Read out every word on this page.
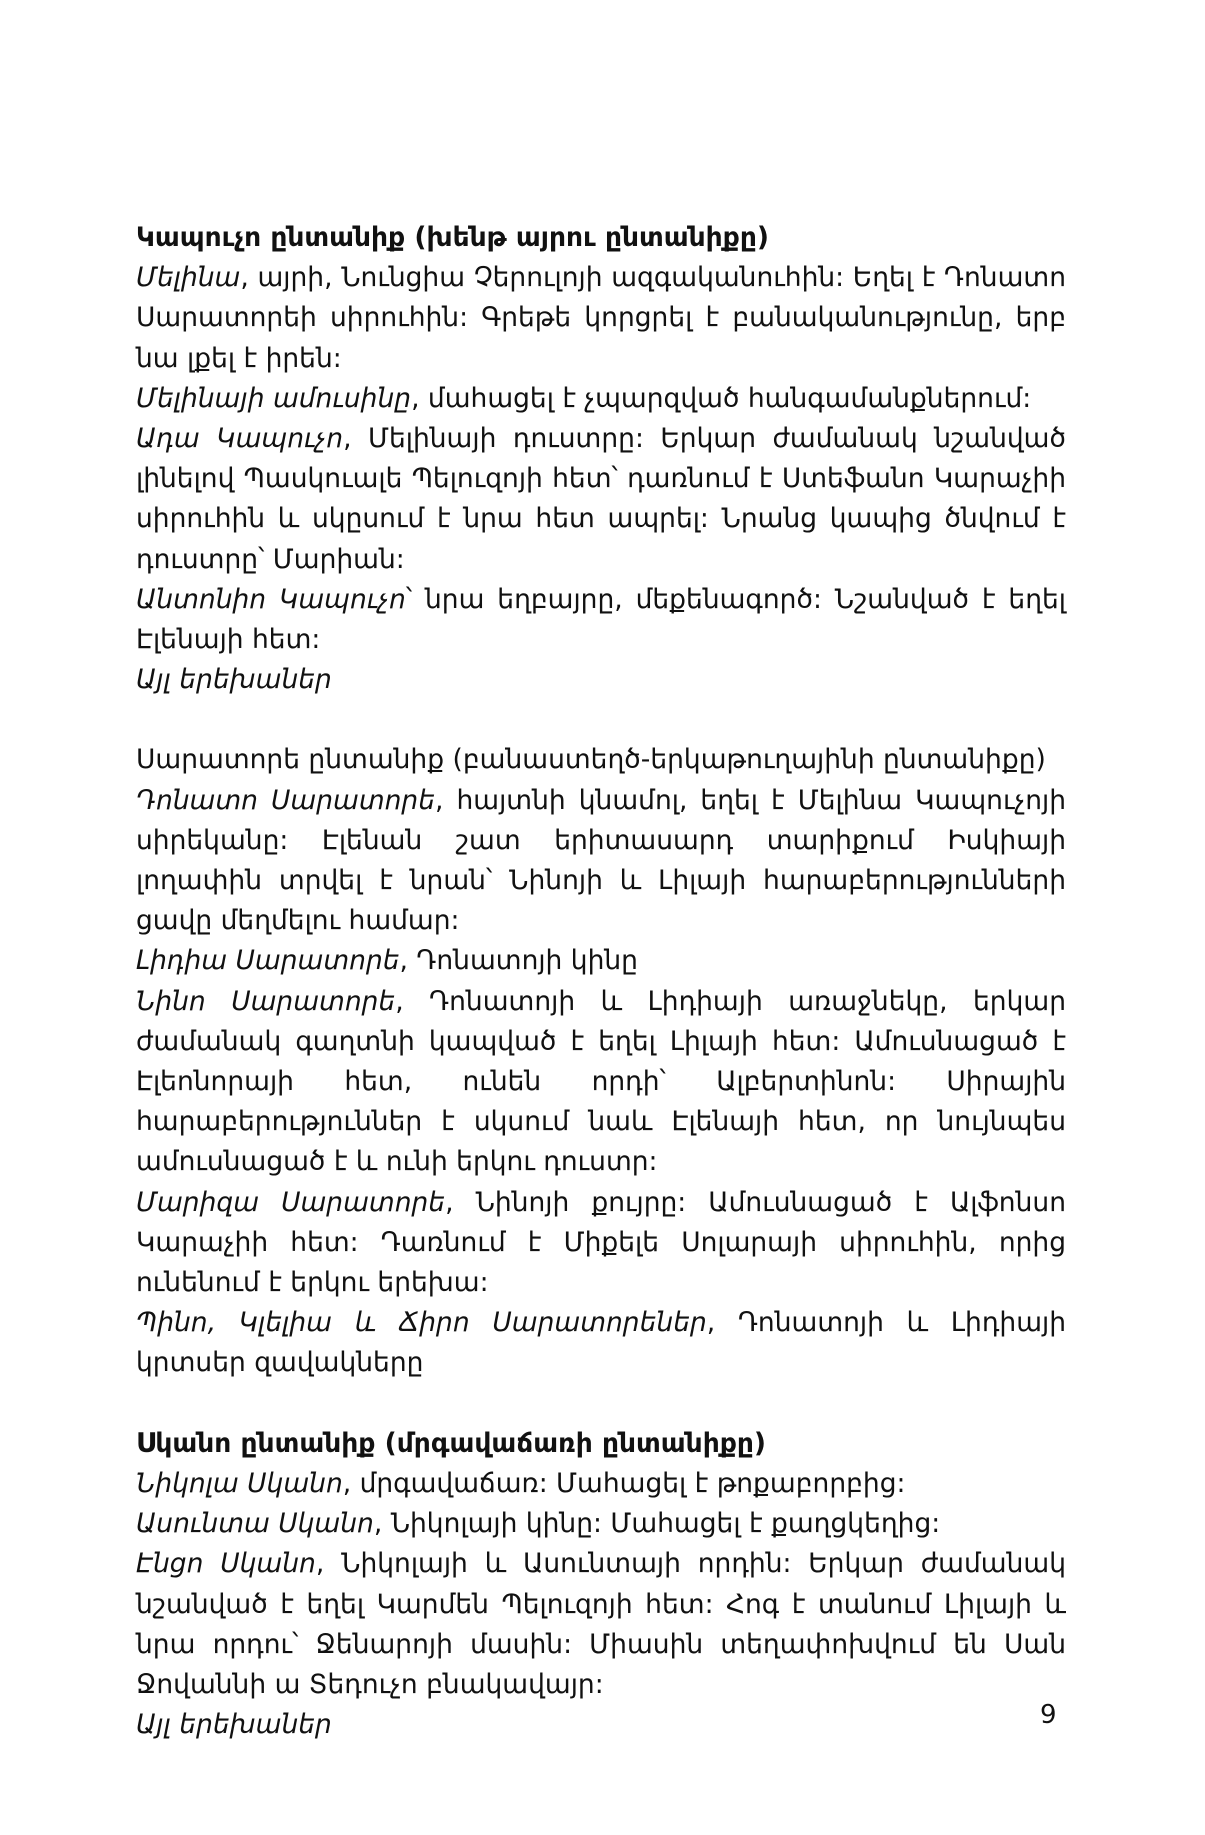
Կապուչո ընտանիք (խենթ այրու ընտանիքը)

Մելինա, այրի, Նունցիա Չերուլոյի ազգականուհին: Եղել է Դոնատո Սարատորեի սիրուհին: Գրեթե կորցրել է բանականությունը, երբ նա լքել է իրեն:

Մելինայի ամուսինը, մահացել է չպարզված հանգամանքներում:

Ադա Կապուչո, Մելինայի դուստրը: Երկար ժամանակ նշանված լինելով Պասկուալե Պելուզոյի հետ՝ դառնում է Ստեֆանո Կարաչիի սիրուհին և սկըսում է նրա հետ ապրել: Նրանց կապից ծնվում է դուստրը՝ Մարիան:

Անտոնիո Կապուչո՝ նրա եղբայրը, մեքենագործ: Նշանված է եղել Էլենայի հետ:

Այլ երեխաներ

Սարատորե ընտանիք (բանաստեղծ-երկաթուղայինի ընտանիքը)

Դոնատո Սարատորե, հայտնի կնամոլ, եղել է Մելինա Կապուչոյի սիրեկանը: Էլենան շատ երիտասարդ տարիքում Իսկիայի լողափին տրվել է նրան՝ Նինոյի և Լիլայի հարաբերությունների ցավը մեղմելու համար:

Լիդիա Սարատորե, Դոնատոյի կինը

Նինո Սարատորե, Դոնատոյի և Լիդիայի առաջնեկը, երկար ժամանակ գաղտնի կապված է եղել Լիլայի հետ: Ամուսնացած է Էլեոնորայի հետ, ունեն որդի՝ Ալբերտինոն: Սիրային հարաբերություններ է սկսում նաև Էլենայի հետ, որ նույնպես ամուսնացած է և ունի երկու դուստր:

Մարիզա Սարատորե, Նինոյի քույրը: Ամուսնացած է Ալֆոնսո Կարաչիի հետ: Դառնում է Միքելե Սոլարայի սիրուհին, որից ունենում է երկու երեխա:

Պինո, Կլելիա և Ճիրո Սարատորեներ, Դոնատոյի և Լիդիայի կրտսեր զավակները

Սկանո ընտանիք (մրգավաճառի ընտանիքը)

Նիկոլա Սկանո, մրգավաճառ: Մահացել է թոքաբորբից:

Ասունտա Սկանո, Նիկոլայի կինը: Մահացել է քաղցկեղից:

Էնցո Սկանո, Նիկոլայի և Ասունտայի որդին: Երկար ժամանակ նշանված է եղել Կարմեն Պելուզոյի հետ: Հոգ է տանում Լիլայի և նրա որդու՝ Ջենարոյի մասին: Միասին տեղափոխվում են Սան Ջովաննի ա Տեդուչո բնակավայր:

Այլ երեխաներ	9
